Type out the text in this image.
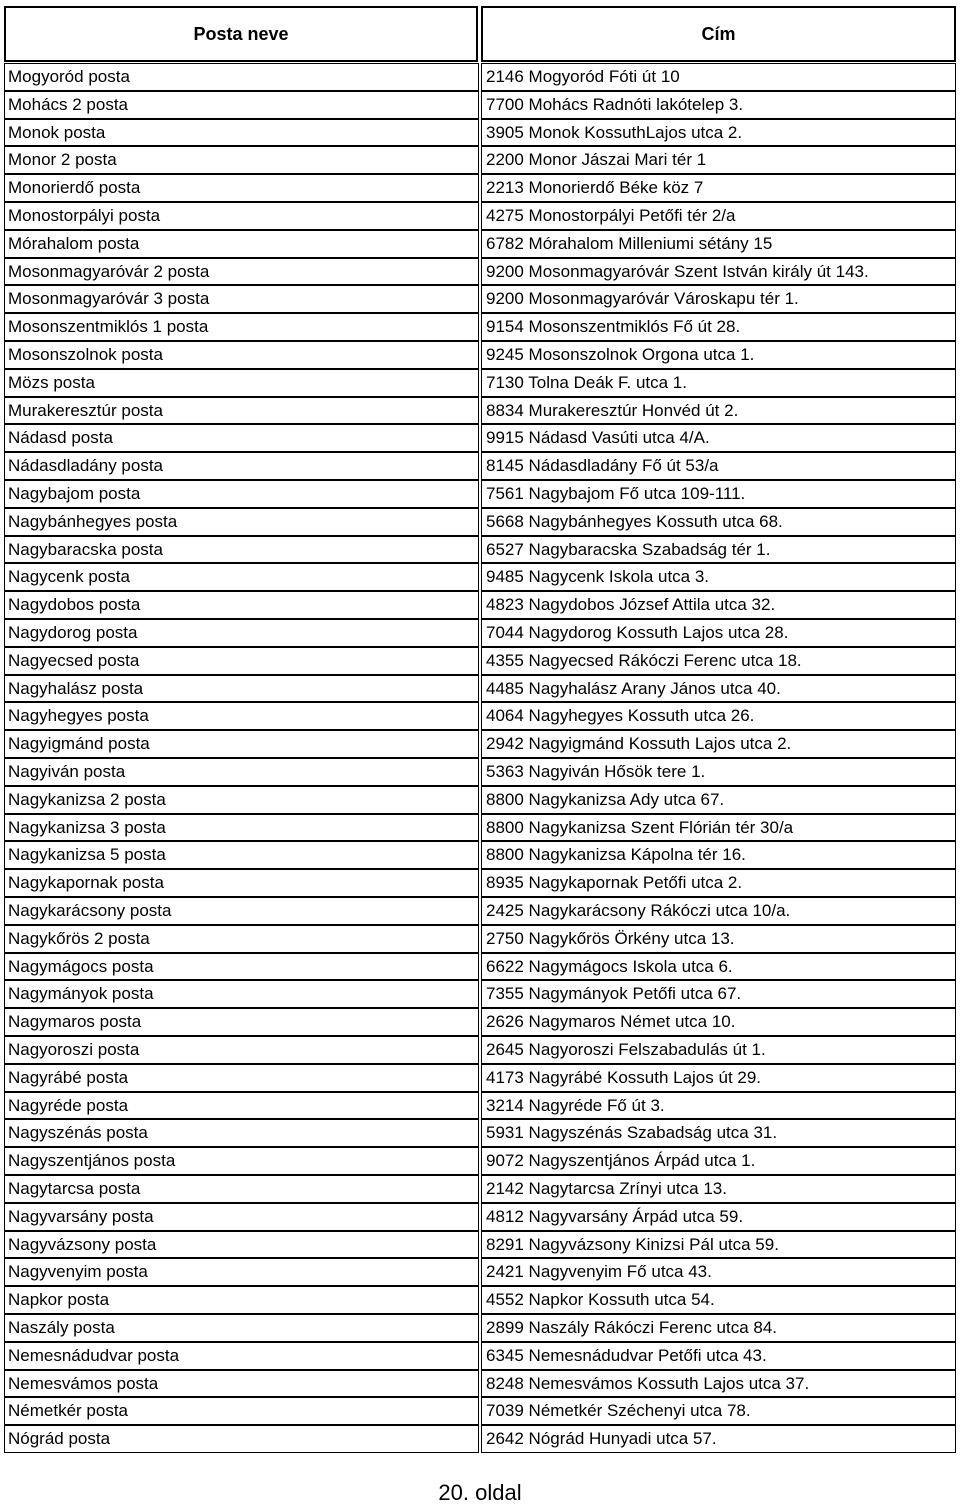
Posta neve	Cím
Mogyoród posta	2146 Mogyoród Fóti út 10
Mohács 2 posta	7700 Mohács Radnóti lakótelep 3.
Monok posta	3905 Monok KossuthLajos utca 2.
Monor 2 posta	2200 Monor Jászai Mari tér 1
Monorierdő posta	2213 Monorierdő Béke köz 7
Monostorpályi posta	4275 Monostorpályi Petőfi tér 2/a
Mórahalom posta	6782 Mórahalom Milleniumi sétány 15
Mosonmagyaróvár 2 posta	9200 Mosonmagyaróvár Szent István király út 143.
Mosonmagyaróvár 3 posta	9200 Mosonmagyaróvár Városkapu tér 1.
Mosonszentmiklós 1 posta	9154 Mosonszentmiklós Fő út 28.
Mosonszolnok posta	9245 Mosonszolnok Orgona utca 1.
Mözs posta	7130 Tolna Deák F. utca 1.
Murakeresztúr posta	8834 Murakeresztúr Honvéd út 2.
Nádasd posta	9915 Nádasd Vasúti utca 4/A.
Nádasdladány posta	8145 Nádasdladány Fő út 53/a
Nagybajom posta	7561 Nagybajom Fő utca 109-111.
Nagybánhegyes posta	5668 Nagybánhegyes Kossuth utca 68.
Nagybaracska posta	6527 Nagybaracska Szabadság tér 1.
Nagycenk posta	9485 Nagycenk Iskola utca 3.
Nagydobos posta	4823 Nagydobos József Attila utca 32.
Nagydorog posta	7044 Nagydorog Kossuth Lajos utca 28.
Nagyecsed posta	4355 Nagyecsed Rákóczi Ferenc utca 18.
Nagyhalász posta	4485 Nagyhalász Arany János utca 40.
Nagyhegyes posta	4064 Nagyhegyes Kossuth utca 26.
Nagyigmánd posta	2942 Nagyigmánd Kossuth Lajos utca 2.
Nagyiván posta	5363 Nagyiván Hősök tere 1.
Nagykanizsa 2 posta	8800 Nagykanizsa Ady utca 67.
Nagykanizsa 3 posta	8800 Nagykanizsa Szent Flórián tér 30/a
Nagykanizsa 5 posta	8800 Nagykanizsa Kápolna tér 16.
Nagykapornak posta	8935 Nagykapornak Petőfi utca 2.
Nagykarácsony posta	2425 Nagykarácsony Rákóczi utca 10/a.
Nagykőrös 2 posta	2750 Nagykőrös Örkény utca 13.
Nagymágocs posta	6622 Nagymágocs Iskola utca 6.
Nagymányok posta	7355 Nagymányok Petőfi utca 67.
Nagymaros posta	2626 Nagymaros Német utca 10.
Nagyoroszi posta	2645 Nagyoroszi Felszabadulás út 1.
Nagyrábé posta	4173 Nagyrábé Kossuth Lajos út 29.
Nagyréde posta	3214 Nagyréde Fő út 3.
Nagyszénás posta	5931 Nagyszénás Szabadság utca 31.
Nagyszentjános posta	9072 Nagyszentjános Árpád utca 1.
Nagytarcsa posta	2142 Nagytarcsa Zrínyi utca 13.
Nagyvarsány posta	4812 Nagyvarsány Árpád utca 59.
Nagyvázsony posta	8291 Nagyvázsony Kinizsi Pál utca 59.
Nagyvenyim posta	2421 Nagyvenyim Fő utca 43.
Napkor posta	4552 Napkor Kossuth utca 54.
Naszály posta	2899 Naszály Rákóczi Ferenc utca 84.
Nemesnádudvar posta	6345 Nemesnádudvar Petőfi utca 43.
Nemesvámos posta	8248 Nemesvámos Kossuth Lajos utca 37.
Németkér posta	7039 Németkér Széchenyi utca 78.
Nógrád posta	2642 Nógrád Hunyadi utca 57.
20. oldal
